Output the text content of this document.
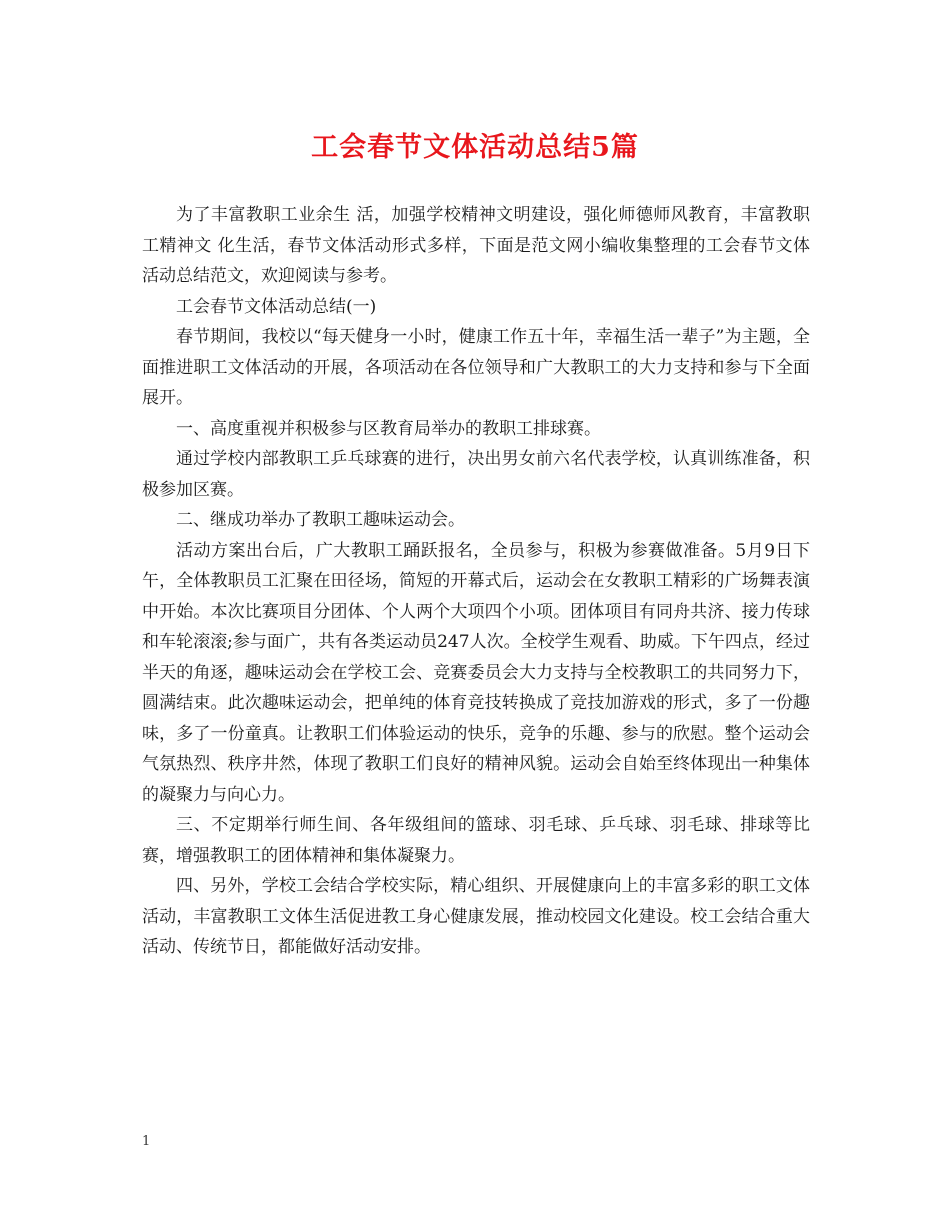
工会春节文体活动总结5篇

为了丰富教职工业余生 活，加强学校精神文明建设，强化师德师风教育，丰富教职工精神文 化生活，春节文体活动形式多样，下面是范文网小编收集整理的工会春节文体活动总结范文，欢迎阅读与参考。

工会春节文体活动总结(一)

春节期间，我校以“每天健身一小时，健康工作五十年，幸福生活一辈子”为主题，全面推进职工文体活动的开展，各项活动在各位领导和广大教职工的大力支持和参与下全面展开。

一、高度重视并积极参与区教育局举办的教职工排球赛。

通过学校内部教职工乒乓球赛的进行，决出男女前六名代表学校，认真训练准备，积极参加区赛。

二、继成功举办了教职工趣味运动会。

活动方案出台后，广大教职工踊跃报名，全员参与，积极为参赛做准备。5月9日下午，全体教职员工汇聚在田径场，简短的开幕式后，运动会在女教职工精彩的广场舞表演中开始。本次比赛项目分团体、个人两个大项四个小项。团体项目有同舟共济、接力传球和车轮滚滚;参与面广，共有各类运动员247人次。全校学生观看、助威。下午四点，经过半天的角逐，趣味运动会在学校工会、竞赛委员会大力支持与全校教职工的共同努力下，圆满结束。此次趣味运动会，把单纯的体育竞技转换成了竞技加游戏的形式，多了一份趣味，多了一份童真。让教职工们体验运动的快乐，竞争的乐趣、参与的欣慰。整个运动会气氛热烈、秩序井然，体现了教职工们良好的精神风貌。运动会自始至终体现出一种集体的凝聚力与向心力。

三、不定期举行师生间、各年级组间的篮球、羽毛球、乒乓球、羽毛球、排球等比赛，增强教职工的团体精神和集体凝聚力。

四、另外，学校工会结合学校实际，精心组织、开展健康向上的丰富多彩的职工文体活动，丰富教职工文体生活促进教工身心健康发展，推动校园文化建设。校工会结合重大活动、传统节日，都能做好活动安排。

1
